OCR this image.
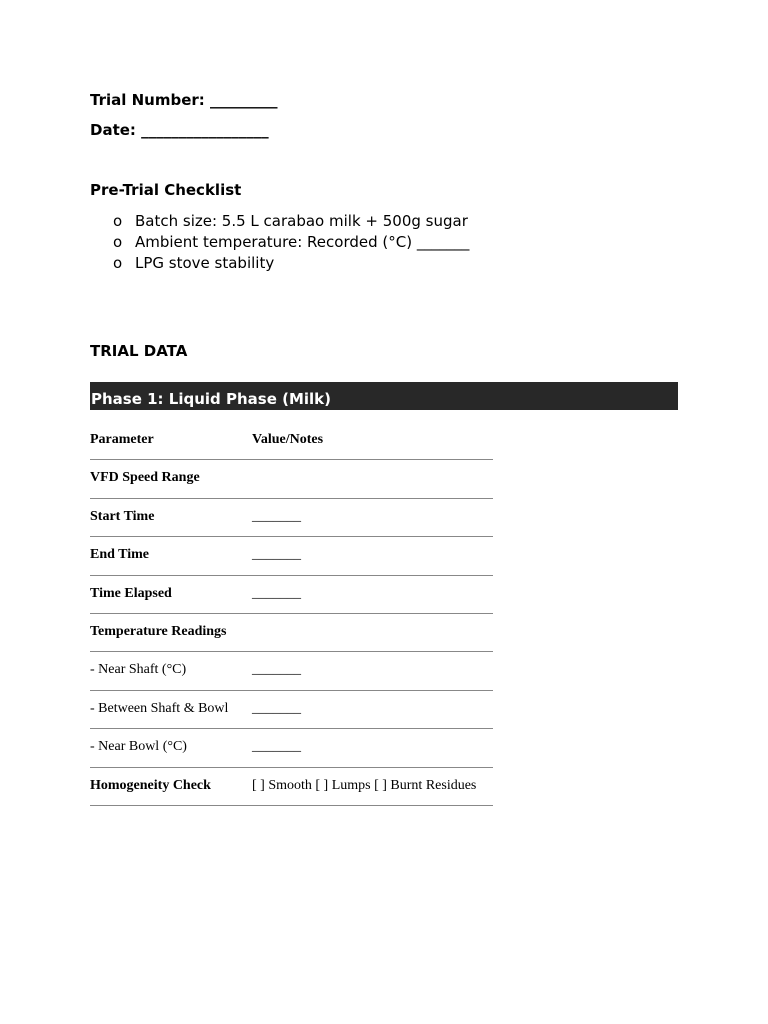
Trial Number: _________
Date: _________________
Pre-Trial Checklist
o Batch size: 5.5 L carabao milk + 500g sugar
o Ambient temperature: Recorded (°C) _______
o LPG stove stability
TRIAL DATA
Phase 1: Liquid Phase (Milk)
Parameter	Value/Notes
VFD Speed Range
Start Time	_______
End Time	_______
Time Elapsed	_______
Temperature Readings
- Near Shaft (°C)	_______
- Between Shaft & Bowl _______
- Near Bowl (°C)	_______
Homogeneity Check	[ ] Smooth [ ] Lumps [ ] Burnt Residues
